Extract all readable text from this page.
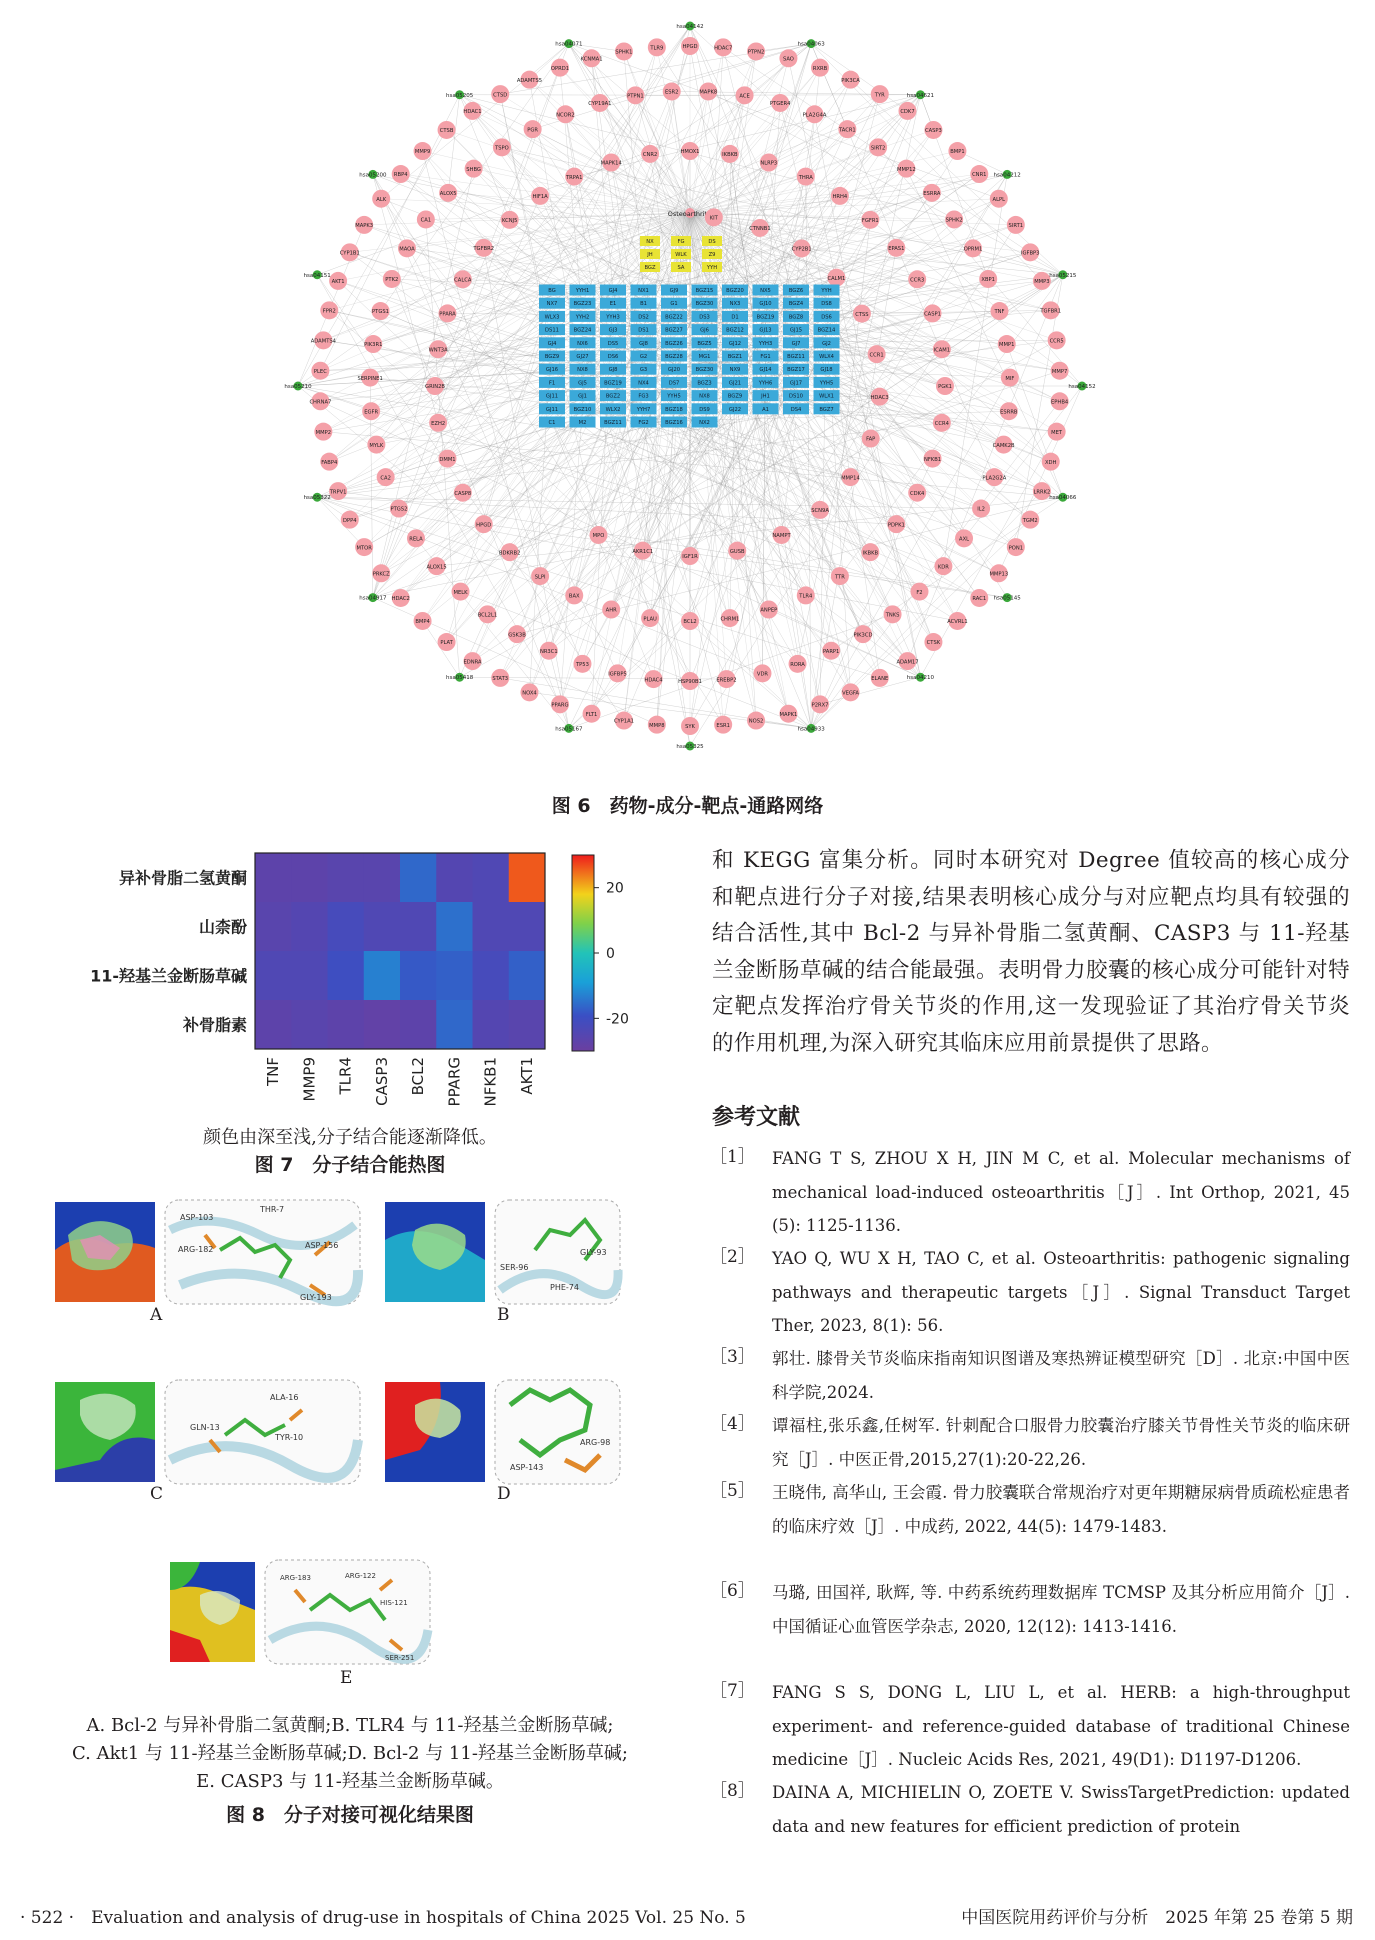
Osteoarthritis
HPGD	HDAC7
PTPN2
SAO
RXRB
PIK3CA
TYR
CDK7
CASP3
BMP1
CNR1
ALPL
SIRT1
IGFBP3
MMP3
TGFBR1
CCR5
MMP7
EPHB4
MET
XDH
LRRK2
TGM2
PON1
MMP13
RAC1
ACVRL1
CTSK
ADAM17
ELANE
VEGFA
P2RX7
MAPK1
NOS2
ESR1
SYK
MMP8
CYP1A1
FLT1
PPARG
NOX4
STAT3
EDNRA
PLAT
BMP4
HDAC2
PRKCZ
MTOR
DPP4
TRPV1
FABP4
MMP2
CHRNA7
PLEC
ADAMTS4
FPR2
AKT1
CYP1B1
MAPK3
ALK
RBP4
MMP9
CTSB
HDAC1
CTSD
ADAMTS5
OPRD1
KCNMA1
SPHK1
TLR9
MAPK8
ACE
PTGER4
PLA2G4A
TACR1
SIRT2
MMP12
ESRRA
SPHK2
OPRM1
XBP1
TNF
MMP1
MIF
ESRRB
CAMK2B
PLA2G2A
IL2
AXL
KDR
F2
TNKS
PIK3CD
PARP1
RORA
VDR
EREBP2
HSP90B1
HDAC4
IGFBP5
TP53
NR3C1
GSK3B
BCL2L1
MELK
ALOX15
RELA
PTGS2
CA2
MYLK
EGFR
SERPINE1
PIK3R1
PTGS1
PTK2
MAOA
CA1
ALOX5
SHBG
TSPO
PGR
NCOR2
CYP19A1
PTPN1
ESR2
HMOX1	IKBKB
NLRP3
THRA
HRH4
FGFR1
EPAS1
CCR3
CASP1
ICAM1
PGK1
CCR4
NFKB1
CDK4
PDPK1
IKBKB
TTR
TLR4
ANPEP
CHRM1
BCL2
PLAU
AHR
BAX
SLPI
BDKRB2
HPGD
CASP8
DMM1
EZH2
GRIN2B
WNT3A
PPARA
CALCA
TGFBR2
KCNJ5
HIF1A
TRPA1
MAPK14
CNR2
KIT
CTNNB1
CYP2B1
CALM1
CTSS
CCR1
HDAC3
FAP
MMP14
SCN9A
NAMPT
GUSB
IGF1R
AKR1C1
MPO
hsa04142
hsa04063
hsa04621
hsa04212
hsa05215
hsa04152
hsa04066
hsa05145
hsa04210
hsa04933
hsa05325
hsa05167
hsa05418
hsa04917
hsa05322
hsa05210
hsa04151
hsa05200
hsa05205
hsa04071
NX	FG	DS
JH	WLK	Z9
BGZ	SA	YYH
BG	YYH1	GJ4	NX1	GJ9	BGZ15 BGZ20	NX5	BGZ6	YYH
NX7	BGZ23	E1	B1	G1	BGZ30	NX3	GJ10	BGZ4	DS8
WLX3	YYH2	YYH3	DS2	BGZ22	DS3	D1	BGZ19	BGZ8	DS6
DS11	BGZ24	GJ3	DS1	BGZ27	GJ6	BGZ12	GJ13	GJ15	BGZ14
GJ4	NX6	DS5	GJ8	BGZ26	BGZ5	GJ12	YYH3	GJ7	GJ2
BGZ9	GJ27	DS6	G2	BGZ28	MG1	BGZ1	FG1	BGZ11	WLX4
GJ16	NX8	GJ8	G3	GJ20	BGZ30	NX9	GJ14	BGZ17	GJ18
F1	GJ5	BGZ19	NX4	DS7	BGZ3	GJ21	YYH6	GJ17	YYH5
GJ11	GJ1	BGZ2	FG3	YYH5	NX8	BGZ9	JH1	DS10	WLX1
GJ11	BGZ10	WLX2	YYH7	BGZ18	DS9	GJ22	A1	DS4	BGZ7
C1	M2	BGZ11	FG2	BGZ16	NX2
图 6　药物-成分-靶点-通路网络
异补骨脂二氢黄酮
山柰酚
11-羟基兰金断肠草碱
补骨脂素
TNF MMP9 TLR4 CASP3 BCL2 PPARG NFKB1 AKT1
20
0
-20
颜色由深至浅,分子结合能逐渐降低。
图 7　分子结合能热图
ASP-103
THR-7
ARG-182	ASP-156
GLY-193
SER-96
GLY-93
PHE-74
ALA-16
GLN-13
TYR-10
ASP-143
ARG-98
ARG-183	ARG-122
SER-251
HIS-121
A	B
C	D
E
A. Bcl-2 与异补骨脂二氢黄酮;B. TLR4 与 11-羟基兰金断肠草碱;
C. Akt1 与 11-羟基兰金断肠草碱;D. Bcl-2 与 11-羟基兰金断肠草碱;
E. CASP3 与 11-羟基兰金断肠草碱。
图 8　分子对接可视化结果图

和 KEGG 富集分析。同时本研究对 Degree 值较高的核心成分和靶点进行分子对接,结果表明核心成分与对应靶点均具有较强的结合活性,其中 Bcl-2 与异补骨脂二氢黄酮、CASP3 与 11-羟基兰金断肠草碱的结合能最强。表明骨力胶囊的核心成分可能针对特定靶点发挥治疗骨关节炎的作用,这一发现验证了其治疗骨关节炎的作用机理,为深入研究其临床应用前景提供了思路。

参考文献
［1］ FANG T S, ZHOU X H, JIN M C, et al. Molecular mechanisms of mechanical load-induced osteoarthritis［J］. Int Orthop, 2021, 45 (5): 1125-1136.
［2］ YAO Q, WU X H, TAO C, et al. Osteoarthritis: pathogenic signaling pathways and therapeutic targets［J］. Signal Transduct Target Ther, 2023, 8(1): 56.
［3］ 郭壮. 膝骨关节炎临床指南知识图谱及寒热辨证模型研究［D］. 北京:中国中医科学院,2024.
［4］ 谭福柱,张乐鑫,任树军. 针刺配合口服骨力胶囊治疗膝关节骨性关节炎的临床研究［J］. 中医正骨,2015,27(1):20-22,26.
［5］ 王晓伟, 高华山, 王会霞. 骨力胶囊联合常规治疗对更年期糖尿病骨质疏松症患者的临床疗效［J］. 中成药, 2022, 44(5): 1479-1483.
［6］ 马璐, 田国祥, 耿辉, 等. 中药系统药理数据库 TCMSP 及其分析应用简介［J］. 中国循证心血管医学杂志, 2020, 12(12): 1413-1416.
［7］ FANG S S, DONG L, LIU L, et al. HERB: a high-throughput experiment- and reference-guided database of traditional Chinese medicine［J］. Nucleic Acids Res, 2021, 49(D1): D1197-D1206.
［8］ DAINA A, MICHIELIN O, ZOETE V. SwissTargetPrediction: updated data and new features for efficient prediction of protein
· 522 ·　Evaluation and analysis of drug-use in hospitals of China 2025 Vol. 25 No. 5	中国医院用药评价与分析　2025 年第 25 卷第 5 期
